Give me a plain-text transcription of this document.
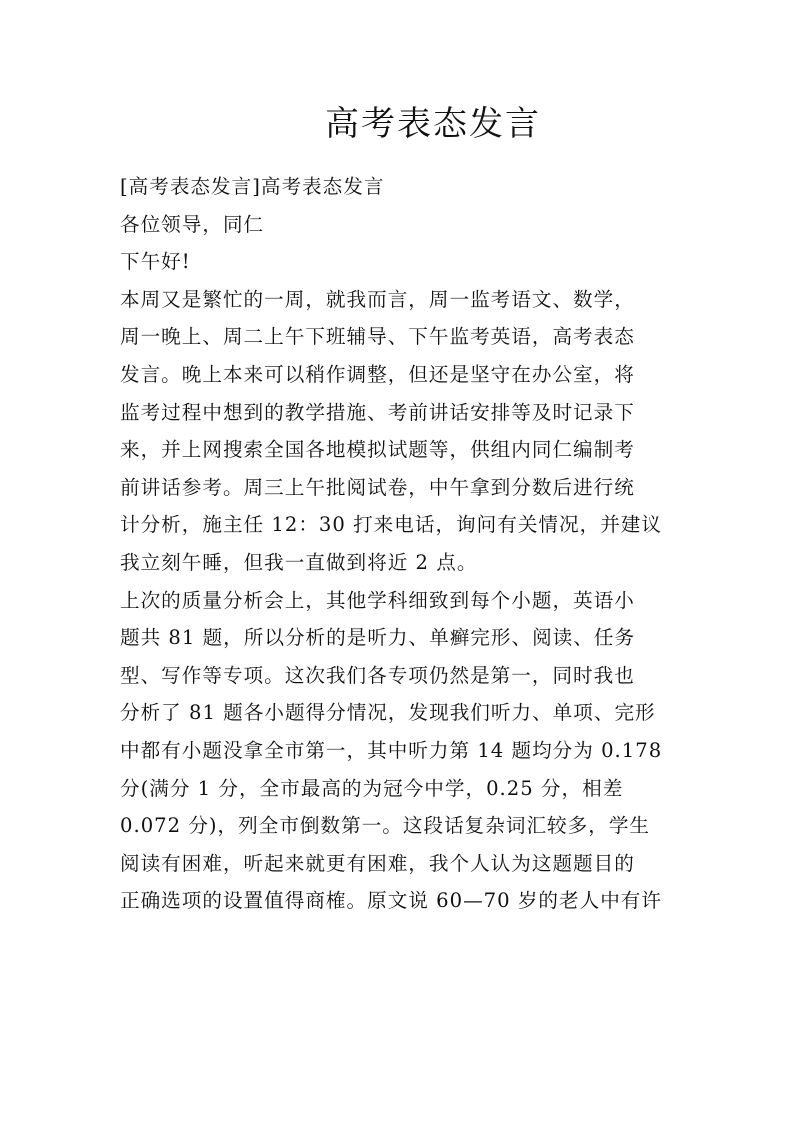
高考表态发言
[高考表态发言]高考表态发言
各位领导，同仁
下午好!
本周又是繁忙的一周，就我而言，周一监考语文、数学，
周一晚上、周二上午下班辅导、下午监考英语，高考表态
发言。晚上本来可以稍作调整，但还是坚守在办公室，将
监考过程中想到的教学措施、考前讲话安排等及时记录下
来，并上网搜索全国各地模拟试题等，供组内同仁编制考
前讲话参考。周三上午批阅试卷，中午拿到分数后进行统
计分析，施主任 12：30 打来电话，询问有关情况，并建议
我立刻午睡，但我一直做到将近 2 点。
上次的质量分析会上，其他学科细致到每个小题，英语小
题共 81 题，所以分析的是听力、单癣完形、阅读、任务
型、写作等专项。这次我们各专项仍然是第一，同时我也
分析了 81 题各小题得分情况，发现我们听力、单项、完形
中都有小题没拿全市第一，其中听力第 14 题均分为 0.178
分(满分 1 分，全市最高的为冠今中学，0.25 分，相差
0.072 分)，列全市倒数第一。这段话复杂词汇较多，学生
阅读有困难，听起来就更有困难，我个人认为这题题目的
正确选项的设置值得商榷。原文说 60—70 岁的老人中有许
